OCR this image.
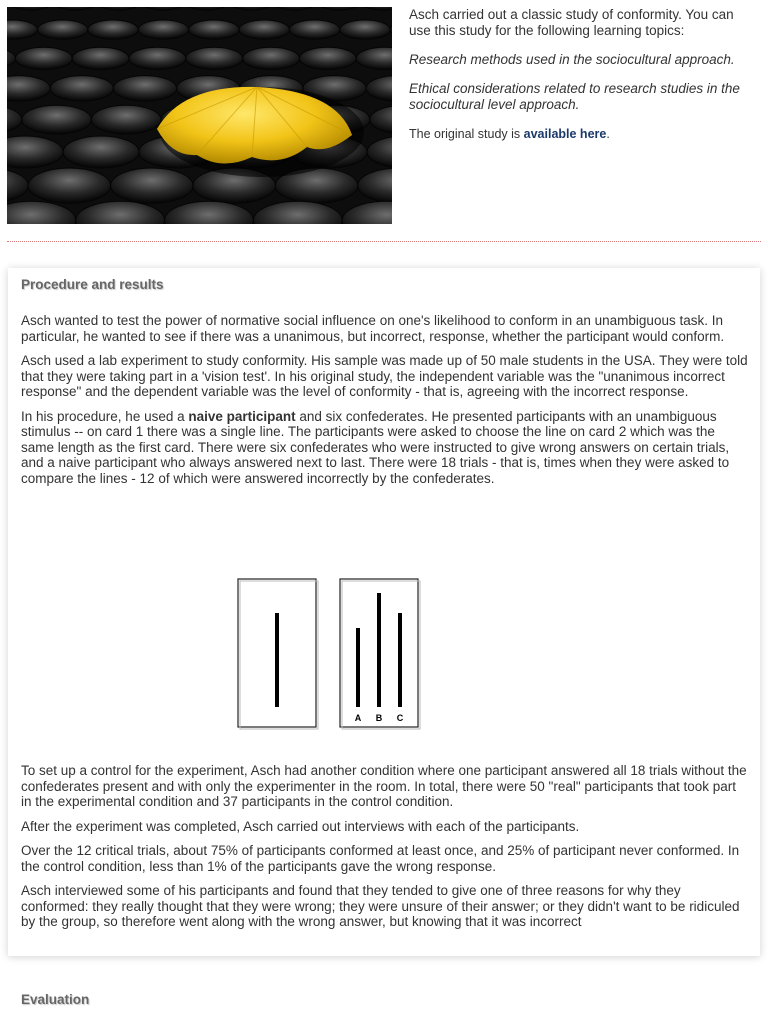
Asch carried out a classic study of conformity. You can use this study for the following learning topics:

Research methods used in the sociocultural approach.

Ethical considerations related to research studies in the sociocultural level approach.

The original study is available here.

Procedure and results

Asch wanted to test the power of normative social influence on one's likelihood to conform in an unambiguous task. In particular, he wanted to see if there was a unanimous, but incorrect, response, whether the participant would conform.

Asch used a lab experiment to study conformity. His sample was made up of 50 male students in the USA. They were told that they were taking part in a 'vision test'. In his original study, the independent variable was the "unanimous incorrect response" and the dependent variable was the level of conformity - that is, agreeing with the incorrect response.

In his procedure, he used a naive participant and six confederates. He presented participants with an unambiguous stimulus -- on card 1 there was a single line. The participants were asked to choose the line on card 2 which was the same length as the first card. There were six confederates who were instructed to give wrong answers on certain trials, and a naive participant who always answered next to last. There were 18 trials - that is, times when they were asked to compare the lines - 12 of which were answered incorrectly by the confederates.

A B C

To set up a control for the experiment, Asch had another condition where one participant answered all 18 trials without the confederates present and with only the experimenter in the room. In total, there were 50 "real" participants that took part in the experimental condition and 37 participants in the control condition.

After the experiment was completed, Asch carried out interviews with each of the participants.

Over the 12 critical trials, about 75% of participants conformed at least once, and 25% of participant never conformed. In the control condition, less than 1% of the participants gave the wrong response.

Asch interviewed some of his participants and found that they tended to give one of three reasons for why they conformed: they really thought that they were wrong; they were unsure of their answer; or they didn't want to be ridiculed by the group, so therefore went along with the wrong answer, but knowing that it was incorrect

Evaluation
